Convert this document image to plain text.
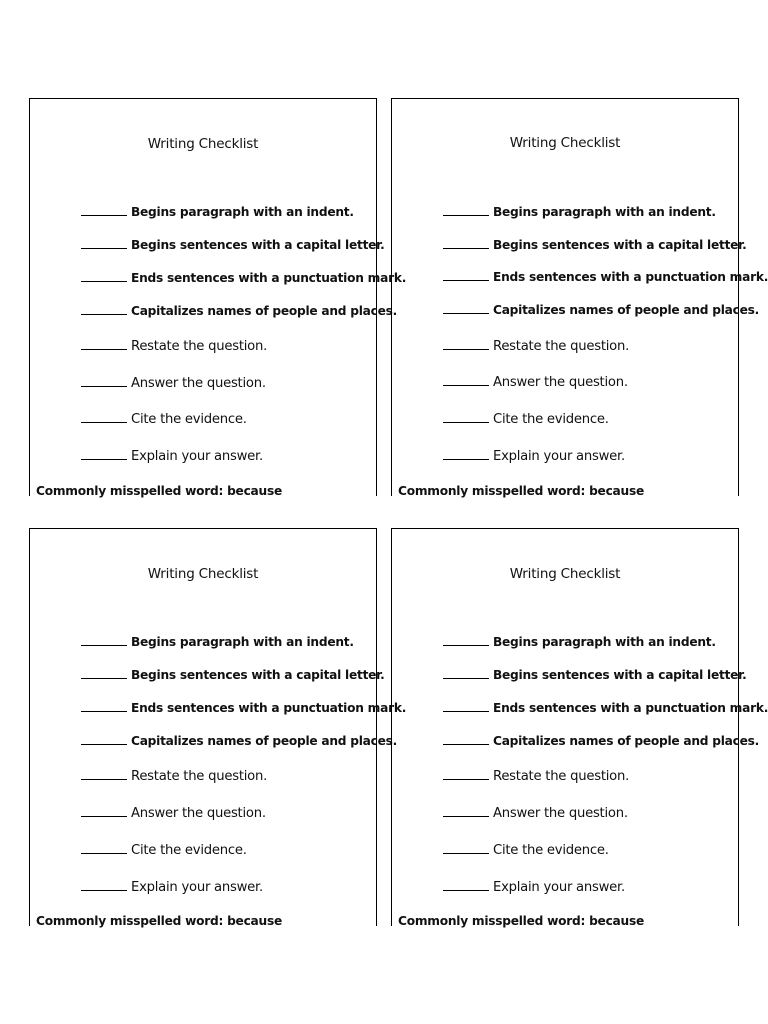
Writing Checklist
Begins paragraph with an indent.
Begins sentences with a capital letter.
Ends sentences with a punctuation mark.
Capitalizes names of people and places.
Restate the question.
Answer the question.
Cite the evidence.
Explain your answer.
Commonly misspelled word: because
Writing Checklist
Begins paragraph with an indent.
Begins sentences with a capital letter.
Ends sentences with a punctuation mark.
Capitalizes names of people and places.
Restate the question.
Answer the question.
Cite the evidence.
Explain your answer.
Commonly misspelled word: because
Writing Checklist
Begins paragraph with an indent.
Begins sentences with a capital letter.
Ends sentences with a punctuation mark.
Capitalizes names of people and places.
Restate the question.
Answer the question.
Cite the evidence.
Explain your answer.
Commonly misspelled word: because
Writing Checklist
Begins paragraph with an indent.
Begins sentences with a capital letter.
Ends sentences with a punctuation mark.
Capitalizes names of people and places.
Restate the question.
Answer the question.
Cite the evidence.
Explain your answer.
Commonly misspelled word: because
